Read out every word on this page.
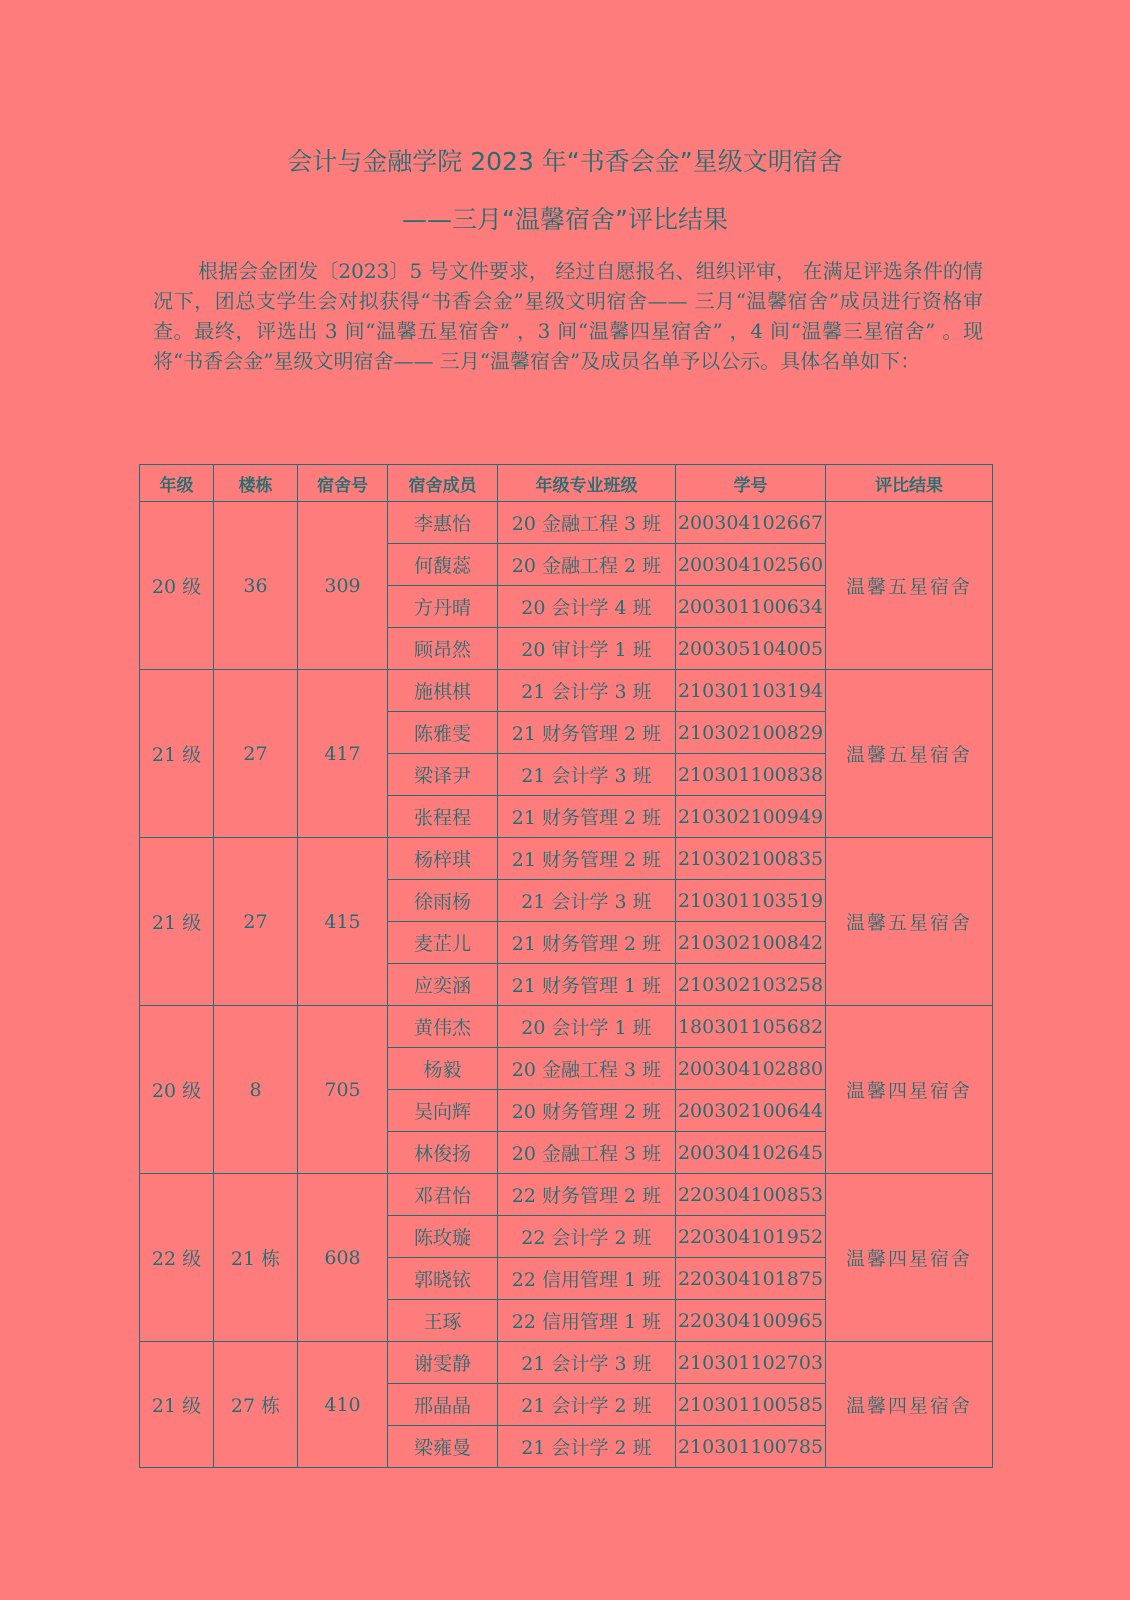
会计与金融学院 2023 年“书香会金”星级文明宿舍
——三月“温馨宿舍”评比结果
根据会金团发〔2023〕5 号文件要求， 经过自愿报名、组织评审， 在满足评选条件的情况下，团总支学生会对拟获得“书香会金”星级文明宿舍—— 三月“温馨宿舍”成员进行资格审查。最终，评选出 3 间“温馨五星宿舍” ，3 间“温馨四星宿舍” ，4 间“温馨三星宿舍” 。现将“书香会金”星级文明宿舍—— 三月“温馨宿舍”及成员名单予以公示。具体名单如下：
年级	楼栋	宿舍号	宿舍成员	年级专业班级	学号	评比结果
20 级	36	309	李惠怡	20 金融工程 3 班	200304102667	温馨五星宿舍
			何馥蕊	20 金融工程 2 班	200304102560	
			方丹晴	20 会计学 4 班	200301100634	
			顾昂然	20 审计学 1 班	200305104005	
21 级	27	417	施棋棋	21 会计学 3 班	210301103194	温馨五星宿舍
			陈雅雯	21 财务管理 2 班	210302100829	
			梁译尹	21 会计学 3 班	210301100838	
			张程程	21 财务管理 2 班	210302100949	
21 级	27	415	杨梓琪	21 财务管理 2 班	210302100835	温馨五星宿舍
			徐雨杨	21 会计学 3 班	210301103519	
			麦芷儿	21 财务管理 2 班	210302100842	
			应奕涵	21 财务管理 1 班	210302103258	
20 级	8	705	黄伟杰	20 会计学 1 班	180301105682	温馨四星宿舍
			杨毅	20 金融工程 3 班	200304102880	
			吴向辉	20 财务管理 2 班	200302100644	
			林俊扬	20 金融工程 3 班	200304102645	
22 级	21 栋	608	邓君怡	22 财务管理 2 班	220304100853	温馨四星宿舍
			陈玫璇	22 会计学 2 班	220304101952	
			郭晓铱	22 信用管理 1 班	220304101875	
			王琢	22 信用管理 1 班	220304100965	
21 级	27 栋	410	谢雯静	21 会计学 3 班	210301102703	温馨四星宿舍
			邢晶晶	21 会计学 2 班	210301100585	
			梁雍曼	21 会计学 2 班	210301100785	
